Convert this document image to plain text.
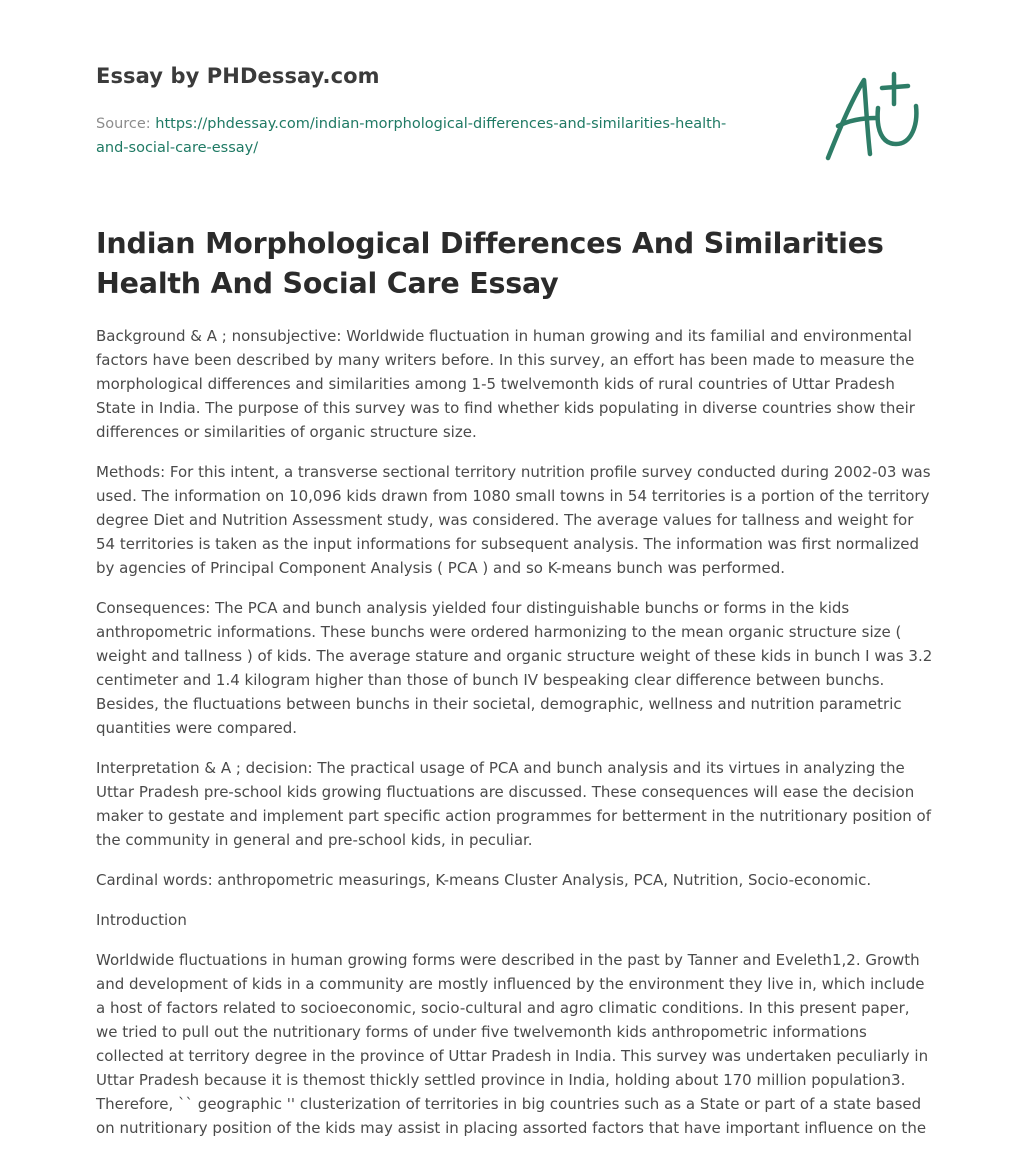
Essay by PHDessay.com

Source: https://phdessay.com/indian-morphological-differences-and-similarities-health-and-social-care-essay/

Indian Morphological Differences And Similarities Health And Social Care Essay

Background & A ; nonsubjective: Worldwide fluctuation in human growing and its familial and environmental factors have been described by many writers before. In this survey, an effort has been made to measure the morphological differences and similarities among 1-5 twelvemonth kids of rural countries of Uttar Pradesh State in India. The purpose of this survey was to find whether kids populating in diverse countries show their differences or similarities of organic structure size.

Methods: For this intent, a transverse sectional territory nutrition profile survey conducted during 2002-03 was used. The information on 10,096 kids drawn from 1080 small towns in 54 territories is a portion of the territory degree Diet and Nutrition Assessment study, was considered. The average values for tallness and weight for 54 territories is taken as the input informations for subsequent analysis. The information was first normalized by agencies of Principal Component Analysis ( PCA ) and so K-means bunch was performed.

Consequences: The PCA and bunch analysis yielded four distinguishable bunchs or forms in the kids anthropometric informations. These bunchs were ordered harmonizing to the mean organic structure size ( weight and tallness ) of kids. The average stature and organic structure weight of these kids in bunch I was 3.2 centimeter and 1.4 kilogram higher than those of bunch IV bespeaking clear difference between bunchs. Besides, the fluctuations between bunchs in their societal, demographic, wellness and nutrition parametric quantities were compared.

Interpretation & A ; decision: The practical usage of PCA and bunch analysis and its virtues in analyzing the Uttar Pradesh pre-school kids growing fluctuations are discussed. These consequences will ease the decision maker to gestate and implement part specific action programmes for betterment in the nutritionary position of the community in general and pre-school kids, in peculiar.

Cardinal words: anthropometric measurings, K-means Cluster Analysis, PCA, Nutrition, Socio-economic.

Introduction

Worldwide fluctuations in human growing forms were described in the past by Tanner and Eveleth1,2. Growth and development of kids in a community are mostly influenced by the environment they live in, which include a host of factors related to socioeconomic, socio-cultural and agro climatic conditions. In this present paper, we tried to pull out the nutritionary forms of under five twelvemonth kids anthropometric informations collected at territory degree in the province of Uttar Pradesh in India. This survey was undertaken peculiarly in Uttar Pradesh because it is themost thickly settled province in India, holding about 170 million population3. Therefore, `` geographic '' clusterization of territories in big countries such as a State or part of a state based on nutritionary position of the kids may assist in placing assorted factors that have important influence on the
